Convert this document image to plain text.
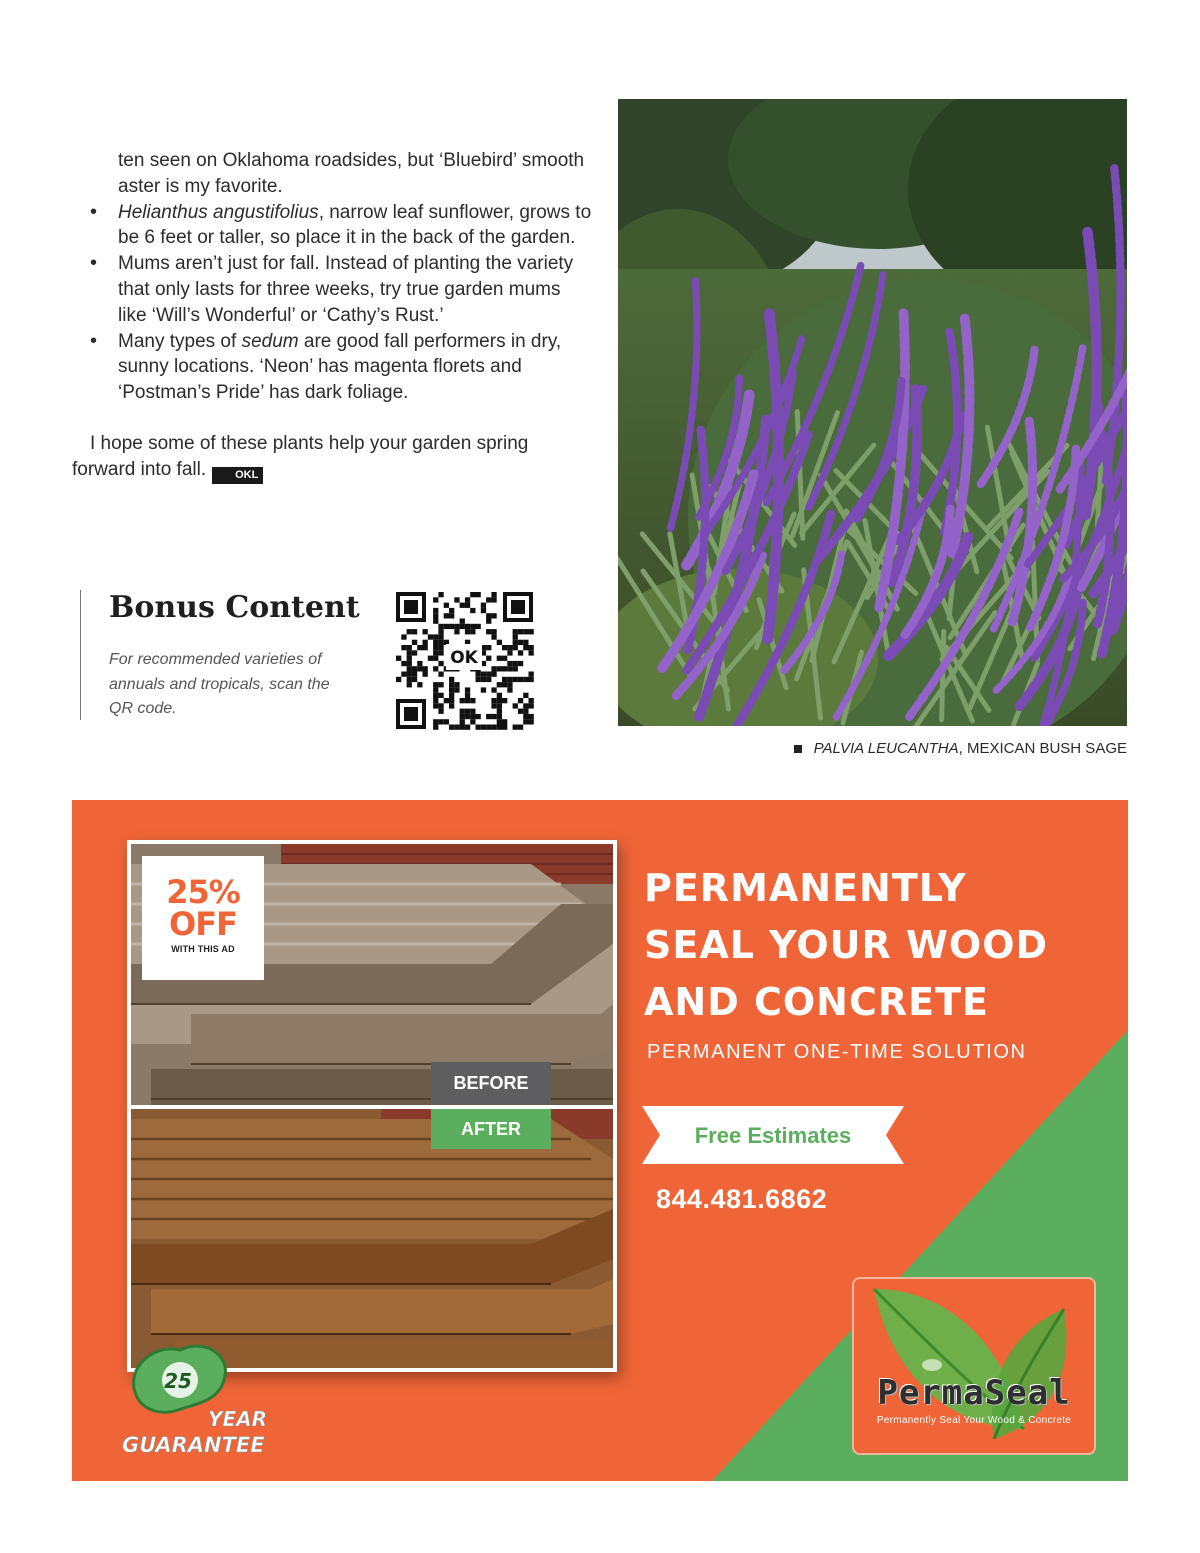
ten seen on Oklahoma roadsides, but ‘Bluebird’ smooth aster is my favorite.
• Helianthus angustifolius, narrow leaf sunflower, grows to be 6 feet or taller, so place it in the back of the garden.
• Mums aren’t just for fall. Instead of planting the variety that only lasts for three weeks, try true garden mums like ‘Will’s Wonderful’ or ‘Cathy’s Rust.’
• Many types of sedum are good fall performers in dry, sunny locations. ‘Neon’ has magenta florets and ‘Postman’s Pride’ has dark foliage.
I hope some of these plants help your garden spring forward into fall.	OKL
Bonus Content
For recommended varieties of annuals and tropicals, scan the QR code.
OK
PALVIA LEUCANTHA , MEXICAN BUSH SAGE
25%
OFF
WITH THIS AD
BEFORE
AFTER
25
YEAR
GUARANTEE
PERMANENTLY
SEAL YOUR WOOD
AND CONCRETE
PERMANENT ONE-TIME SOLUTION
Free Estimates
844.481.6862
PermaSeal
Permanently Seal Your Wood & Concrete
